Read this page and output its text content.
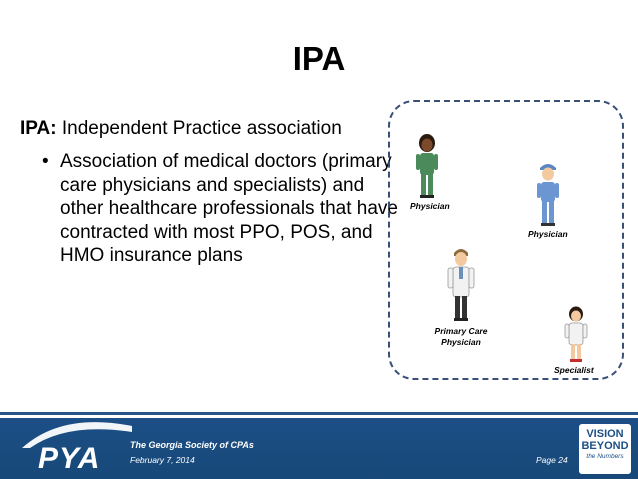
IPA
IPA: Independent Practice association
• Association of medical doctors (primary care physicians and specialists) and other healthcare professionals that have contracted with most PPO, POS, and HMO insurance plans
Physician
Physician
Primary Care
Physician
Specialist
PYA	The Georgia Society of CPAs
February 7, 2014	Page 24
VISION
BEYOND
the Numbers
